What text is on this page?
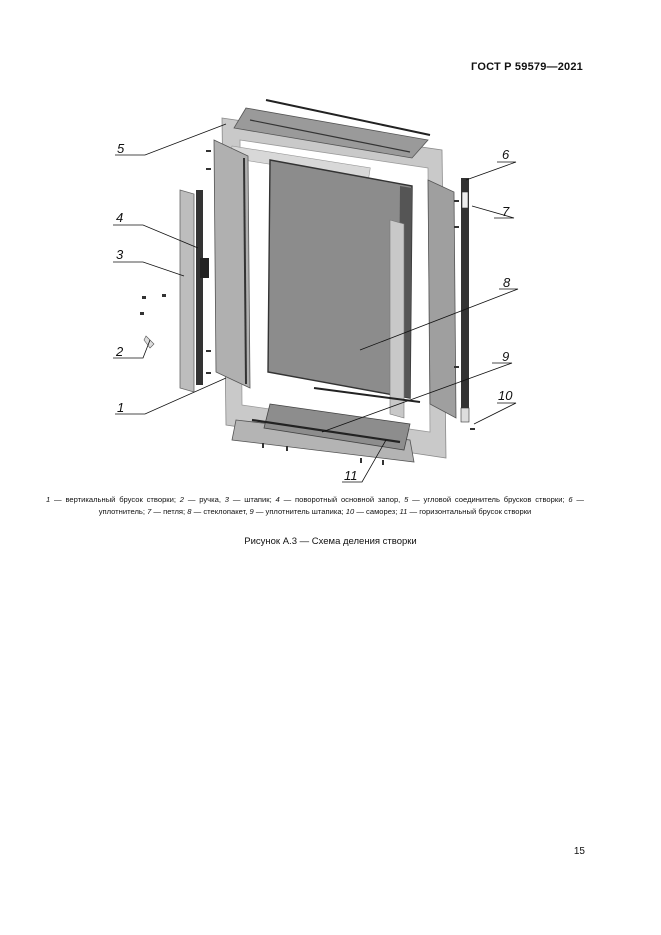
ГОСТ Р 59579—2021
5
4
3
2
1
6
7
8
9
10
11
1 — вертикальный брусок створки; 2 — ручка, 3 — штапик; 4 — поворотный основной запор, 5 — угловой соединитель брусков створки; 6 — уплотнитель; 7 — петля; 8 — стеклопакет, 9 — уплотнитель штапика; 10 — саморез; 11 — горизонтальный брусок створки
Рисунок А.3 — Схема деления створки
15
